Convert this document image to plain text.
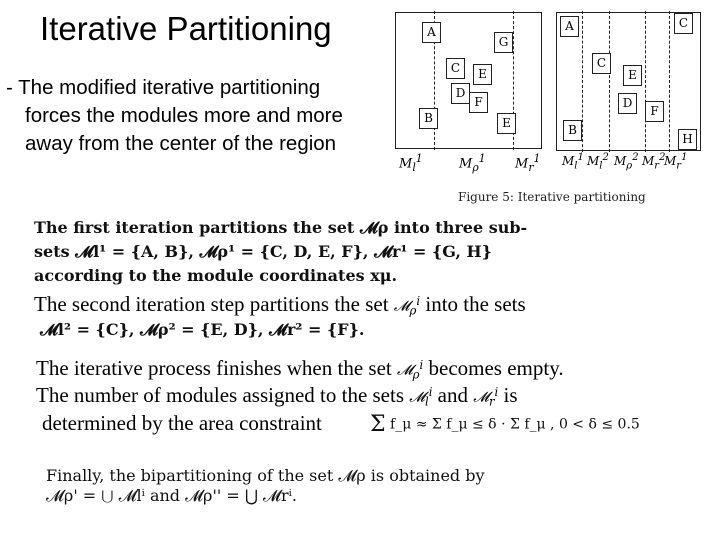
Iterative Partitioning
- The modified iterative partitioning
forces the modules more and more
away from the center of the region
A
G
C	E
D
F
B	E
A	C
C
E
D
F
B
H
$M_l^1$	$M_\rho^1$ $M_r^1$ $M_l^1$ $M_l^2$ $M_\rho^2$ $M_r^2$
$M_r^1$
Figure 5: Iterative partitioning
The first iteration partitions the set 𝓜ρ into three sub-
sets 𝓜l¹ = {A, B}, 𝓜ρ¹ = {C, D, E, F}, 𝓜r¹ = {G, H}
according to the module coordinates xμ.
The second iteration step partitions the set 𝓜$_\rho^i$ into the sets
𝓜l² = {C}, 𝓜ρ² = {E, D}, 𝓜r² = {F}.
The iterative process finishes when the set 𝓜$_\rho^i$ becomes empty.
The number of modules assigned to the sets 𝓜$_l^i$ and 𝓜$_r^i$ is
determined by the area constraint Σ f_μ ≈ Σ f_μ ≤ δ · Σ f_μ , 0 < δ ≤ 0.5
Finally, the bipartitioning of the set 𝓜ρ is obtained by
𝓜ρ' = ⋃ 𝓜lⁱ and 𝓜ρ'' = ⋃ 𝓜rⁱ.
